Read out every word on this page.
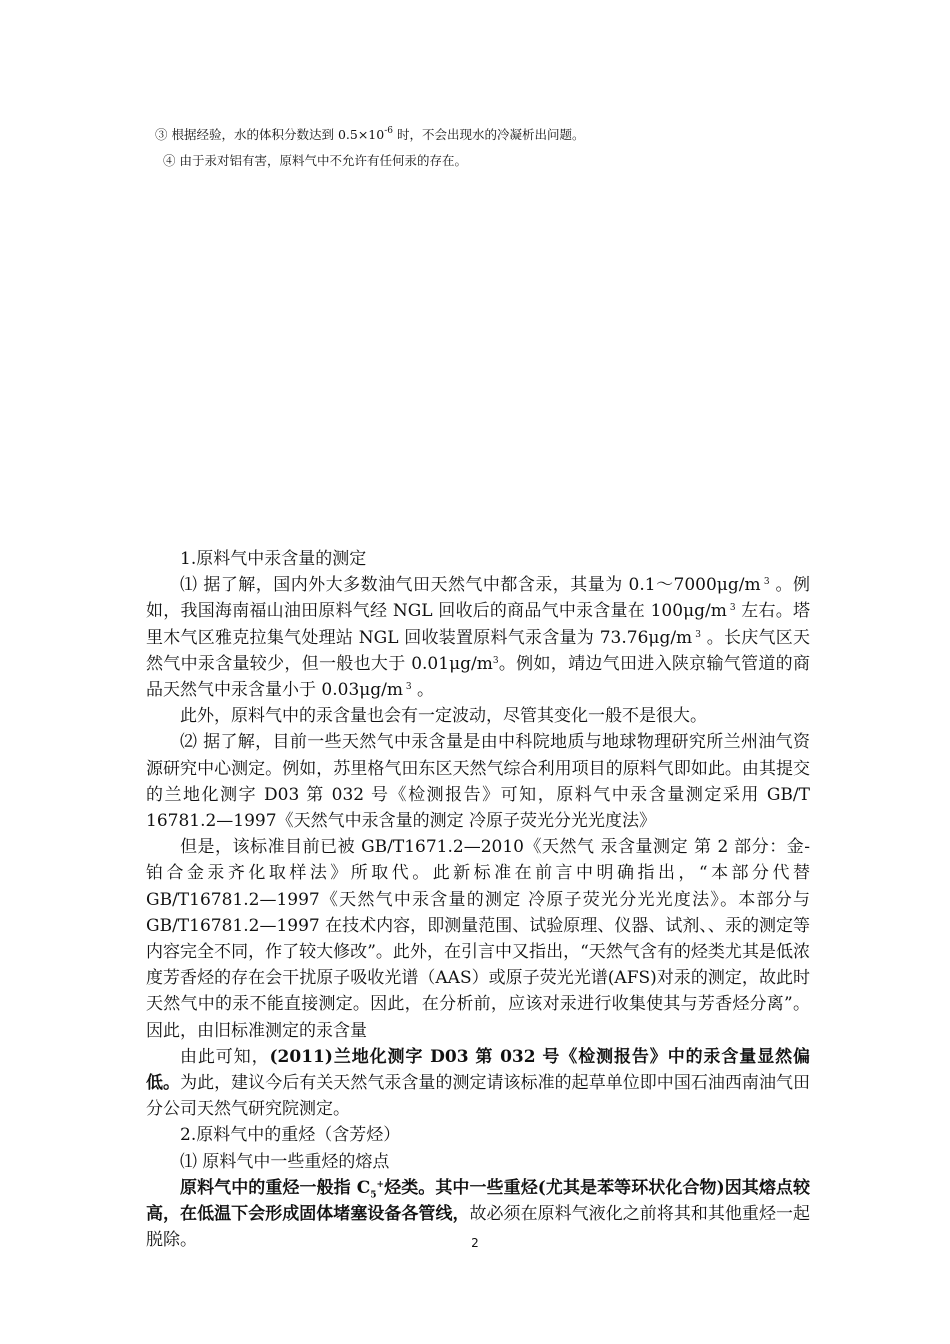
③ 根据经验，水的体积分数达到 $0.5\times 10^{-6}$ 时，不会出现水的冷凝析出问题。
④ 由于汞对铝有害，原料气中不允许有任何汞的存在。

1.原料气中汞含量的测定

⑴ 据了解，国内外大多数油气田天然气中都含汞，其量为 0.1～7000μg/m $^3$ 。例如，我国海南福山油田原料气经 NGL 回收后的商品气中汞含量在 100μg/m $^3$ 左右。塔里木气区雅克拉集气处理站 NGL 回收装置原料气汞含量为 73.76μg/m $^3$ 。长庆气区天然气中汞含量较少，但一般也大于 $0.01\mu g/m^3$。例如，靖边气田进入陕京输气管道的商品天然气中汞含量小于 0.03μg/m $^3$ 。

此外，原料气中的汞含量也会有一定波动，尽管其变化一般不是很大。

⑵ 据了解，目前一些天然气中汞含量是由中科院地质与地球物理研究所兰州油气资源研究中心测定。例如，苏里格气田东区天然气综合利用项目的原料气即如此。由其提交的兰地化测字 D03 第 032 号《检测报告》可知，原料气中汞含量测定采用 GB/T 16781.2—1997《天然气中汞含量的测定 冷原子荧光分光光度法》

但是，该标准目前已被 GB/T1671.2—2010《天然气 汞含量测定 第 2 部分：金-铂合金汞齐化取样法》所取代。此新标准在前言中明确指出，“本部分代替GB/T16781.2—1997《天然气中汞含量的测定 冷原子荧光分光光度法》。本部分与GB/T16781.2—1997 在技术内容，即测量范围、试验原理、仪器、试剂、、汞的测定等内容完全不同，作了较大修改”。此外，在引言中又指出，“天然气含有的烃类尤其是低浓度芳香烃的存在会干扰原子吸收光谱（AAS）或原子荧光光谱(AFS)对汞的测定，故此时天然气中的汞不能直接测定。因此，在分析前，应该对汞进行收集使其与芳香烃分离”。因此，由旧标准测定的汞含量

由此可知，(2011)兰地化测字 D03 第 032 号《检测报告》中的汞含量显然偏低。为此，建议今后有关天然气汞含量的测定请该标准的起草单位即中国石油西南油气田分公司天然气研究院测定。

2.原料气中的重烃（含芳烃）

⑴ 原料气中一些重烃的熔点

原料气中的重烃一般指 $C_5^+$烃类。其中一些重烃(尤其是苯等环状化合物)因其熔点较高，在低温下会形成固体堵塞设备各管线，故必须在原料气液化之前将其和其他重烃一起脱除。	2
